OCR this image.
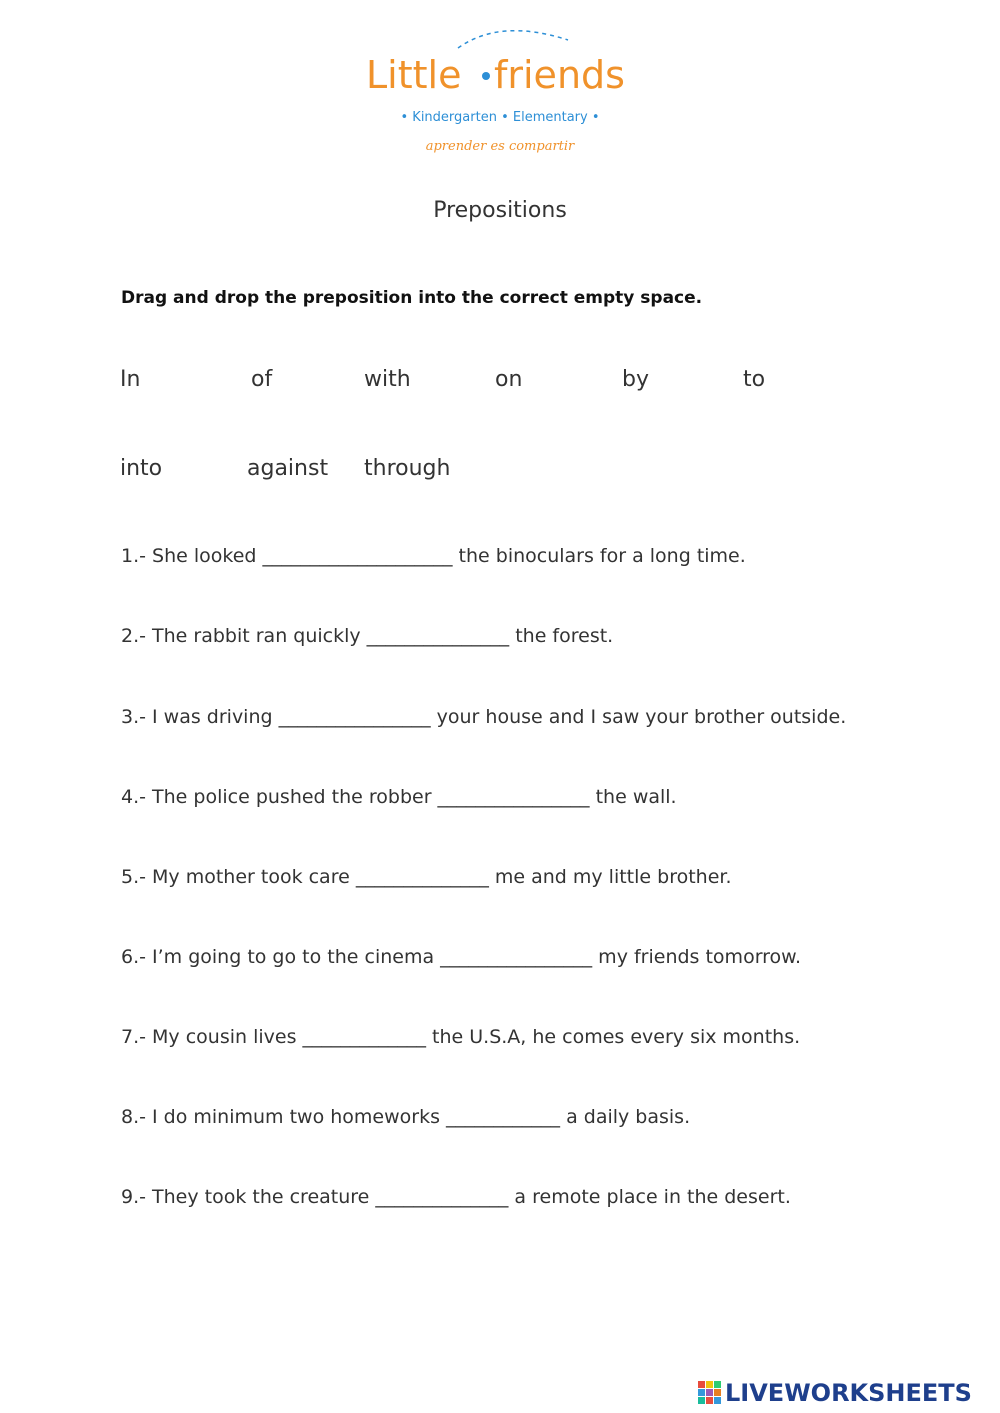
Little friends
• Kindergarten • Elementary •
aprender es compartir
Prepositions
Drag and drop the preposition into the correct empty space.
In	of	with	on	by	to
into	against through
1.- She looked ____________________ the binoculars for a long time.
2.- The rabbit ran quickly _______________ the forest.
3.- I was driving ________________ your house and I saw your brother outside.
4.- The police pushed the robber ________________ the wall.
5.- My mother took care ______________ me and my little brother.
6.- I’m going to go to the cinema ________________ my friends tomorrow.
7.- My cousin lives _____________ the U.S.A, he comes every six months.
8.- I do minimum two homeworks ____________ a daily basis.
9.- They took the creature ______________ a remote place in the desert.
LIVEWORKSHEETS
